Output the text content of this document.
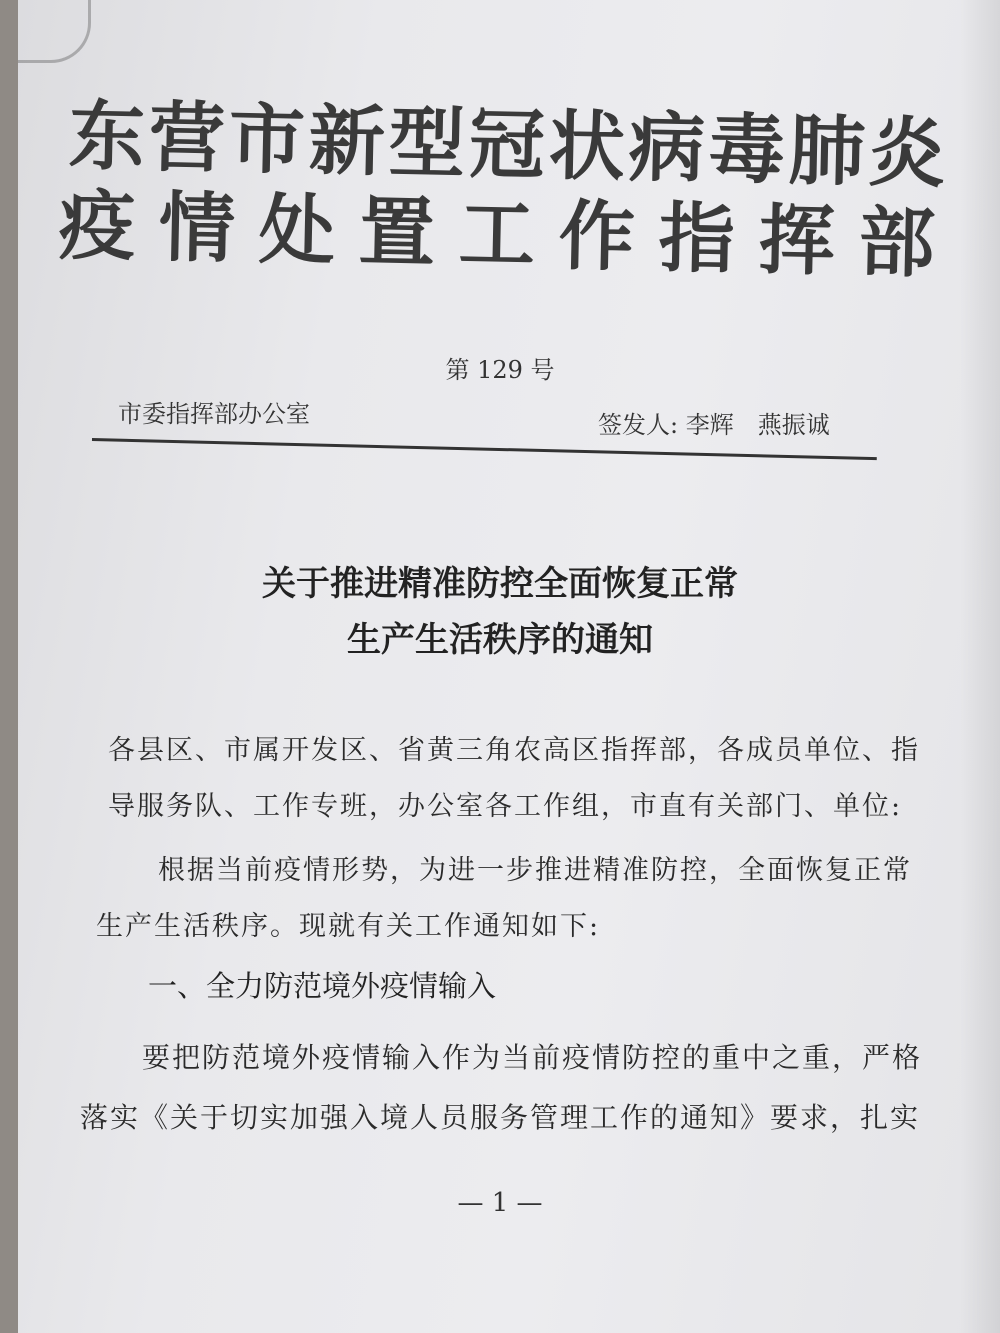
东营市新型冠状病毒肺炎
疫情处置工作指挥部
第 129 号
市委指挥部办公室	签发人: 李辉　燕振诚
关于推进精准防控全面恢复正常
生产生活秩序的通知
各县区、市属开发区、省黄三角农高区指挥部，各成员单位、指
导服务队、工作专班，办公室各工作组，市直有关部门、单位:
根据当前疫情形势，为进一步推进精准防控，全面恢复正常
生产生活秩序。现就有关工作通知如下:
一、全力防范境外疫情输入
要把防范境外疫情输入作为当前疫情防控的重中之重，严格
落实《关于切实加强入境人员服务管理工作的通知》要求，扎实
— 1 —
